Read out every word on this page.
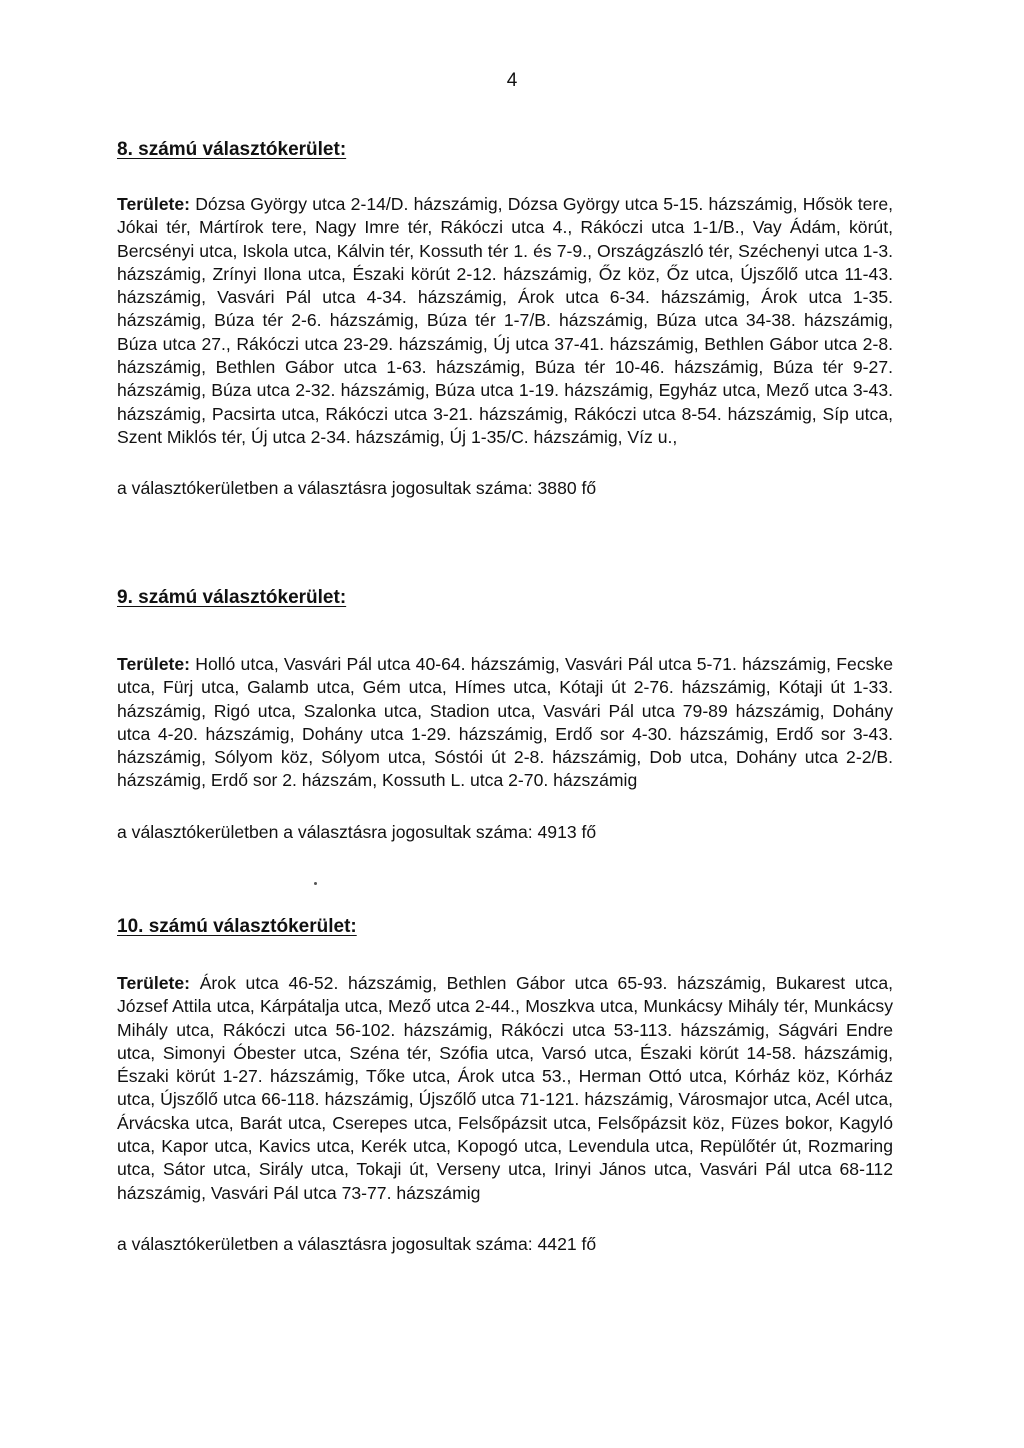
4
8. számú választókerület:

Területe: Dózsa György utca 2-14/D. házszámig, Dózsa György utca 5-15. házszámig, Hősök tere, Jókai tér, Mártírok tere, Nagy Imre tér, Rákóczi utca 4., Rákóczi utca 1-1/B., Vay Ádám, körút, Bercsényi utca, Iskola utca, Kálvin tér, Kossuth tér 1. és 7-9., Országzászló tér, Széchenyi utca 1-3. házszámig, Zrínyi Ilona utca, Északi körút 2-12. házszámig, Őz köz, Őz utca, Újszőlő utca 11-43. házszámig, Vasvári Pál utca 4-34. házszámig, Árok utca 6-34. házszámig, Árok utca 1-35. házszámig, Búza tér 2-6. házszámig, Búza tér 1-7/B. házszámig, Búza utca 34-38. házszámig, Búza utca 27., Rákóczi utca 23-29. házszámig, Új utca 37-41. házszámig, Bethlen Gábor utca 2-8. házszámig, Bethlen Gábor utca 1-63. házszámig, Búza tér 10-46. házszámig, Búza tér 9-27. házszámig, Búza utca 2-32. házszámig, Búza utca 1-19. házszámig, Egyház utca, Mező utca 3-43. házszámig, Pacsirta utca, Rákóczi utca 3-21. házszámig, Rákóczi utca 8-54. házszámig, Síp utca, Szent Miklós tér, Új utca 2-34. házszámig, Új 1-35/C. házszámig, Víz u.,

a választókerületben a választásra jogosultak száma: 3880 fő

9. számú választókerület:

Területe: Holló utca, Vasvári Pál utca 40-64. házszámig, Vasvári Pál utca 5-71. házszámig, Fecske utca, Fürj utca, Galamb utca, Gém utca, Hímes utca, Kótaji út 2-76. házszámig, Kótaji út 1-33. házszámig, Rigó utca, Szalonka utca, Stadion utca, Vasvári Pál utca 79-89 házszámig, Dohány utca 4-20. házszámig, Dohány utca 1-29. házszámig, Erdő sor 4-30. házszámig, Erdő sor 3-43. házszámig, Sólyom köz, Sólyom utca, Sóstói út 2-8. házszámig, Dob utca, Dohány utca 2-2/B. házszámig, Erdő sor 2. házszám, Kossuth L. utca 2-70. házszámig

a választókerületben a választásra jogosultak száma: 4913 fő

10. számú választókerület:

Területe: Árok utca 46-52. házszámig, Bethlen Gábor utca 65-93. házszámig, Bukarest utca, József Attila utca, Kárpátalja utca, Mező utca 2-44., Moszkva utca, Munkácsy Mihály tér, Munkácsy Mihály utca, Rákóczi utca 56-102. házszámig, Rákóczi utca 53-113. házszámig, Ságvári Endre utca, Simonyi Óbester utca, Széna tér, Szófia utca, Varsó utca, Északi körút 14-58. házszámig, Északi körút 1-27. házszámig, Tőke utca, Árok utca 53., Herman Ottó utca, Kórház köz, Kórház utca, Újszőlő utca 66-118. házszámig, Újszőlő utca 71-121. házszámig, Városmajor utca, Acél utca, Árvácska utca, Barát utca, Cserepes utca, Felsőpázsit utca, Felsőpázsit köz, Füzes bokor, Kagyló utca, Kapor utca, Kavics utca, Kerék utca, Kopogó utca, Levendula utca, Repülőtér út, Rozmaring utca, Sátor utca, Sirály utca, Tokaji út, Verseny utca, Irinyi János utca, Vasvári Pál utca 68-112 házszámig, Vasvári Pál utca 73-77. házszámig

a választókerületben a választásra jogosultak száma: 4421 fő
